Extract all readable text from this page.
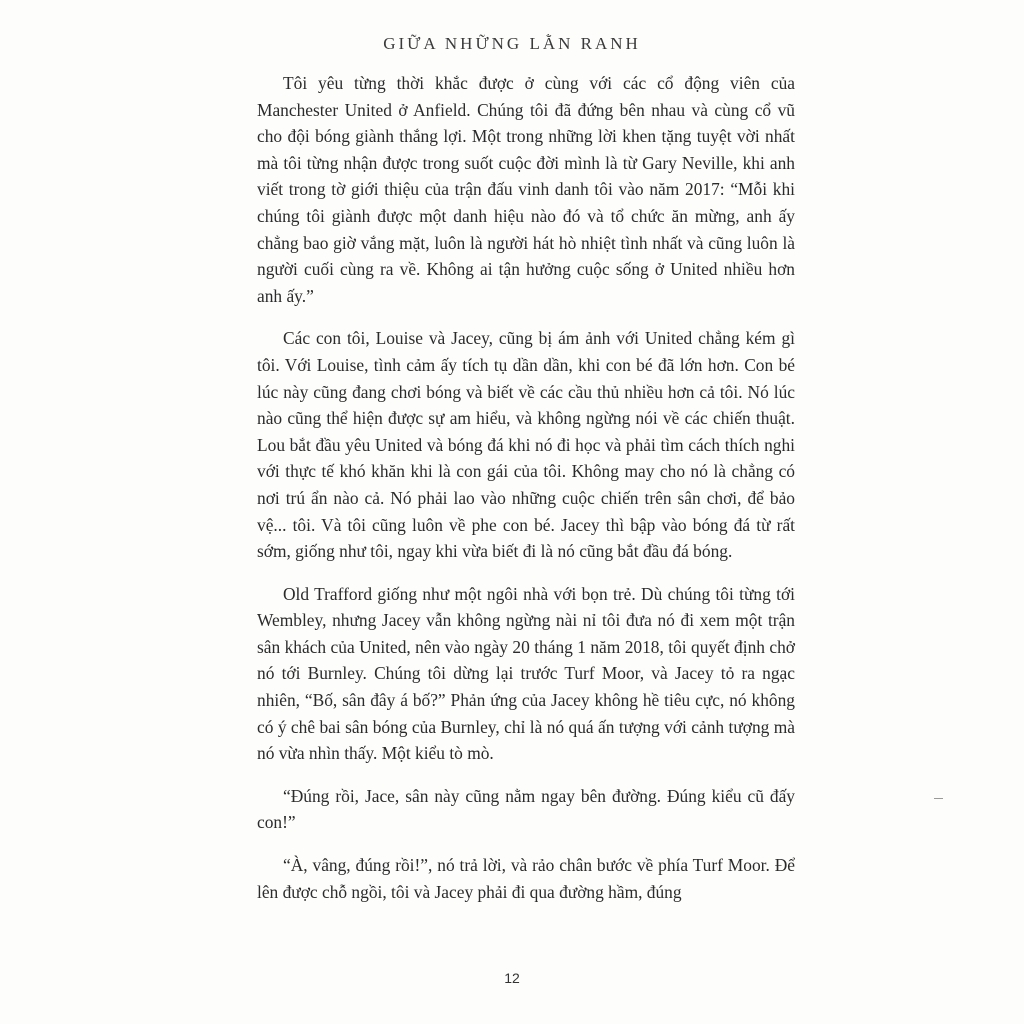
GIỮA NHỮNG LẰN RANH

Tôi yêu từng thời khắc được ở cùng với các cổ động viên của Manchester United ở Anfield. Chúng tôi đã đứng bên nhau và cùng cổ vũ cho đội bóng giành thắng lợi. Một trong những lời khen tặng tuyệt vời nhất mà tôi từng nhận được trong suốt cuộc đời mình là từ Gary Neville, khi anh viết trong tờ giới thiệu của trận đấu vinh danh tôi vào năm 2017: “Mỗi khi chúng tôi giành được một danh hiệu nào đó và tổ chức ăn mừng, anh ấy chẳng bao giờ vắng mặt, luôn là người hát hò nhiệt tình nhất và cũng luôn là người cuối cùng ra về. Không ai tận hưởng cuộc sống ở United nhiều hơn anh ấy.”

Các con tôi, Louise và Jacey, cũng bị ám ảnh với United chẳng kém gì tôi. Với Louise, tình cảm ấy tích tụ dần dần, khi con bé đã lớn hơn. Con bé lúc này cũng đang chơi bóng và biết về các cầu thủ nhiều hơn cả tôi. Nó lúc nào cũng thể hiện được sự am hiểu, và không ngừng nói về các chiến thuật. Lou bắt đầu yêu United và bóng đá khi nó đi học và phải tìm cách thích nghi với thực tế khó khăn khi là con gái của tôi. Không may cho nó là chẳng có nơi trú ẩn nào cả. Nó phải lao vào những cuộc chiến trên sân chơi, để bảo vệ... tôi. Và tôi cũng luôn về phe con bé. Jacey thì bập vào bóng đá từ rất sớm, giống như tôi, ngay khi vừa biết đi là nó cũng bắt đầu đá bóng.

Old Trafford giống như một ngôi nhà với bọn trẻ. Dù chúng tôi từng tới Wembley, nhưng Jacey vẫn không ngừng nài nỉ tôi đưa nó đi xem một trận sân khách của United, nên vào ngày 20 tháng 1 năm 2018, tôi quyết định chở nó tới Burnley. Chúng tôi dừng lại trước Turf Moor, và Jacey tỏ ra ngạc nhiên, “Bố, sân đây á bố?” Phản ứng của Jacey không hề tiêu cực, nó không có ý chê bai sân bóng của Burnley, chỉ là nó quá ấn tượng với cảnh tượng mà nó vừa nhìn thấy. Một kiểu tò mò.

“Đúng rồi, Jace, sân này cũng nằm ngay bên đường. Đúng kiểu cũ đấy con!”

“À, vâng, đúng rồi!”, nó trả lời, và rảo chân bước về phía Turf Moor. Để lên được chỗ ngồi, tôi và Jacey phải đi qua đường hầm, đúng

12
